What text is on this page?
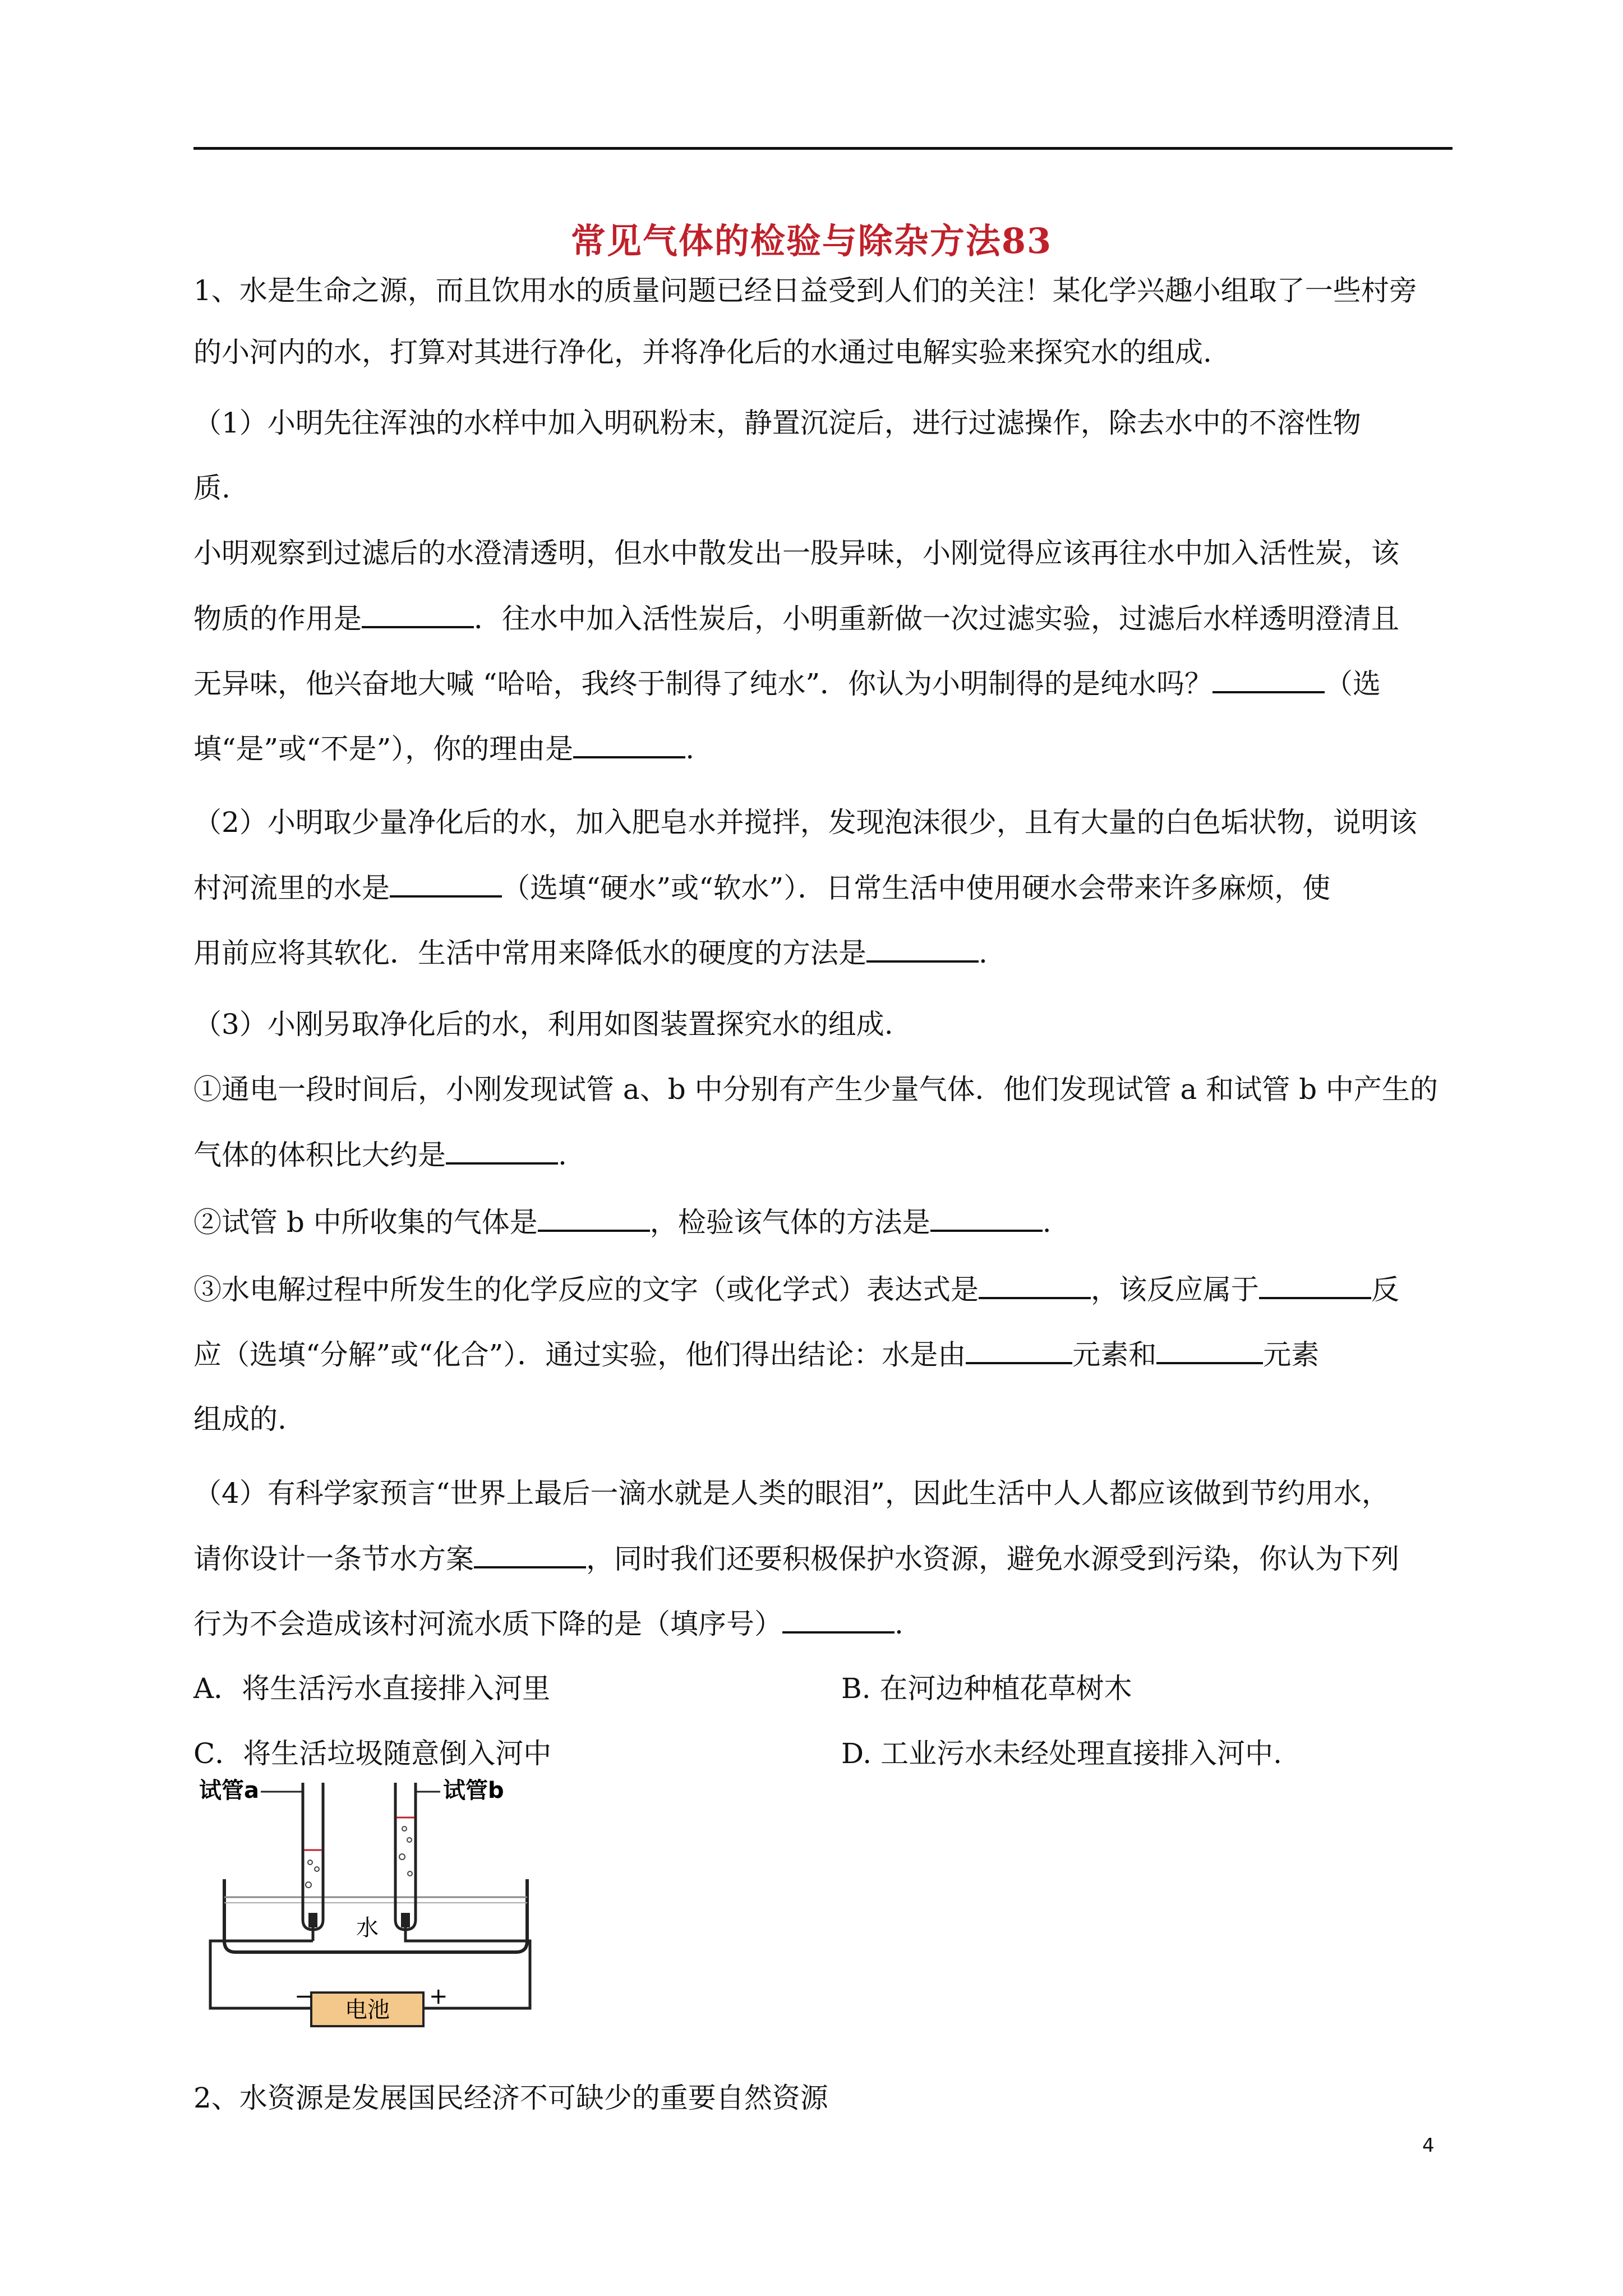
常见气体的检验与除杂方法83
1、水是生命之源，而且饮用水的质量问题已经日益受到人们的关注！某化学兴趣小组取了一些村旁
的小河内的水，打算对其进行净化，并将净化后的水通过电解实验来探究水的组成.
（1）小明先往浑浊的水样中加入明矾粉末，静置沉淀后，进行过滤操作，除去水中的不溶性物
质.
小明观察到过滤后的水澄清透明，但水中散发出一股异味，小刚觉得应该再往水中加入活性炭，该
物质的作用是	．往水中加入活性炭后，小明重新做一次过滤实验，过滤后水样透明澄清且
无异味，他兴奋地大喊 “哈哈，我终于制得了纯水”．你认为小明制得的是纯水吗？	（选
填“是”或“不是”），你的理由是	.
（2）小明取少量净化后的水，加入肥皂水并搅拌，发现泡沫很少，且有大量的白色垢状物，说明该
村河流里的水是	（选填“硬水”或“软水”）．日常生活中使用硬水会带来许多麻烦，使
用前应将其软化．生活中常用来降低水的硬度的方法是	.
（3）小刚另取净化后的水，利用如图装置探究水的组成.
①通电一段时间后，小刚发现试管 a、b 中分别有产生少量气体．他们发现试管 a 和试管 b 中产生的
气体的体积比大约是	.
②试管 b 中所收集的气体是	，检验该气体的方法是	.
③水电解过程中所发生的化学反应的文字（或化学式）表达式是	，该反应属于	反
应（选填“分解”或“化合”）．通过实验，他们得出结论：水是由	元素和	元素
组成的.
（4）有科学家预言“世界上最后一滴水就是人类的眼泪”，因此生活中人人都应该做到节约用水，
请你设计一条节水方案	，同时我们还要积极保护水资源，避免水源受到污染，你认为下列
行为不会造成该村河流水质下降的是（填序号）	.
A．将生活污水直接排入河里	B. 在河边种植花草树木
C．将生活垃圾随意倒入河中	D. 工业污水未经处理直接排入河中.
电池
试管a	试管b
水
−	+
2、水资源是发展国民经济不可缺少的重要自然资源
4
